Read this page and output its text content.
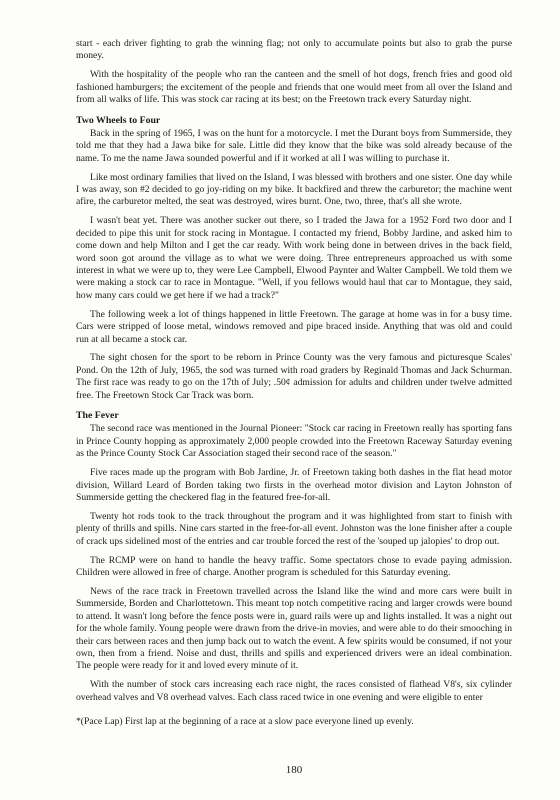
start - each driver fighting to grab the winning flag; not only to accumulate points but also to grab the purse money.

With the hospitality of the people who ran the canteen and the smell of hot dogs, french fries and good old fashioned hamburgers; the excitement of the people and friends that one would meet from all over the Island and from all walks of life. This was stock car racing at its best; on the Freetown track every Saturday night.

Two Wheels to Four

Back in the spring of 1965, I was on the hunt for a motorcycle. I met the Durant boys from Summerside, they told me that they had a Jawa bike for sale. Little did they know that the bike was sold already because of the name. To me the name Jawa sounded powerful and if it worked at all I was willing to purchase it.

Like most ordinary families that lived on the Island, I was blessed with brothers and one sister. One day while I was away, son #2 decided to go joy-riding on my bike. It backfired and threw the carburetor; the machine went afire, the carburetor melted, the seat was destroyed, wires burnt. One, two, three, that's all she wrote.

I wasn't beat yet. There was another sucker out there, so I traded the Jawa for a 1952 Ford two door and I decided to pipe this unit for stock racing in Montague. I contacted my friend, Bobby Jardine, and asked him to come down and help Milton and I get the car ready. With work being done in between drives in the back field, word soon got around the village as to what we were doing. Three entrepreneurs approached us with some interest in what we were up to, they were Lee Campbell, Elwood Paynter and Walter Campbell. We told them we were making a stock car to race in Montague. "Well, if you fellows would haul that car to Montague, they said, how many cars could we get here if we had a track?"

The following week a lot of things happened in little Freetown. The garage at home was in for a busy time. Cars were stripped of loose metal, windows removed and pipe braced inside. Anything that was old and could run at all became a stock car.

The sight chosen for the sport to be reborn in Prince County was the very famous and picturesque Scales' Pond. On the 12th of July, 1965, the sod was turned with road graders by Reginald Thomas and Jack Schurman. The first race was ready to go on the 17th of July; .50¢ admission for adults and children under twelve admitted free. The Freetown Stock Car Track was born.

The Fever

The second race was mentioned in the Journal Pioneer: "Stock car racing in Freetown really has sporting fans in Prince County hopping as approximately 2,000 people crowded into the Freetown Raceway Saturday evening as the Prince County Stock Car Association staged their second race of the season."

Five races made up the program with Bob Jardine, Jr. of Freetown taking both dashes in the flat head motor division, Willard Leard of Borden taking two firsts in the overhead motor division and Layton Johnston of Summerside getting the checkered flag in the featured free-for-all.

Twenty hot rods took to the track throughout the program and it was highlighted from start to finish with plenty of thrills and spills. Nine cars started in the free-for-all event. Johnston was the lone finisher after a couple of crack ups sidelined most of the entries and car trouble forced the rest of the 'souped up jalopies' to drop out.

The RCMP were on hand to handle the heavy traffic. Some spectators chose to evade paying admission. Children were allowed in free of charge. Another program is scheduled for this Saturday evening.

News of the race track in Freetown travelled across the Island like the wind and more cars were built in Summerside, Borden and Charlottetown. This meant top notch competitive racing and larger crowds were bound to attend. It wasn't long before the fence posts were in, guard rails were up and lights installed. It was a night out for the whole family. Young people were drawn from the drive-in movies, and were able to do their smooching in their cars between races and then jump back out to watch the event. A few spirits would be consumed, if not your own, then from a friend. Noise and dust, thrills and spills and experienced drivers were an ideal combination. The people were ready for it and loved every minute of it.

With the number of stock cars increasing each race night, the races consisted of flathead V8's, six cylinder overhead valves and V8 overhead valves. Each class raced twice in one evening and were eligible to enter

*(Pace Lap) First lap at the beginning of a race at a slow pace everyone lined up evenly.

180
